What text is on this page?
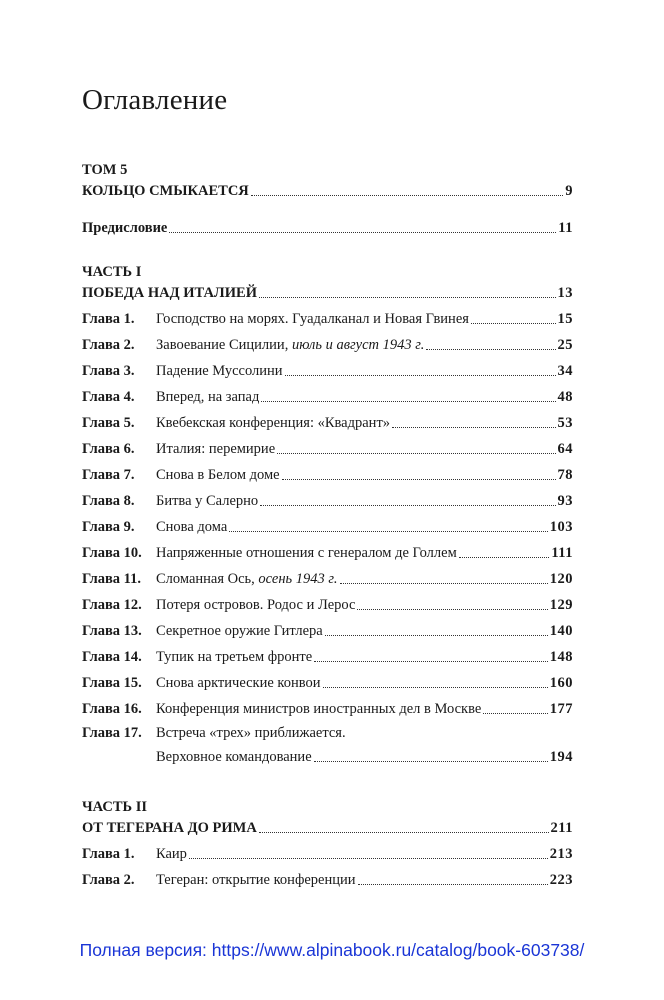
Оглавление
ТОМ 5
КОЛЬЦО СМЫКАЕТСЯ	9
Предисловие	11
ЧАСТЬ I
ПОБЕДА НАД ИТАЛИЕЙ	13
Глава 1.	Господство на морях. Гуадалканал и Новая Гвинея	15
Глава 2.	Завоевание Сицилии, июль и август 1943 г.	25
Глава 3.	Падение Муссолини	34
Глава 4.	Вперед, на запад	48
Глава 5.	Квебекская конференция: «Квадрант»	53
Глава 6.	Италия: перемирие	64
Глава 7.	Снова в Белом доме	78
Глава 8.	Битва у Салерно	93
Глава 9.	Снова дома	103
Глава 10. Напряженные отношения с генералом де Голлем	111
Глава 11.	Сломанная Ось, осень 1943 г.	120
Глава 12. Потеря островов. Родос и Лерос	129
Глава 13. Секретное оружие Гитлера	140
Глава 14. Тупик на третьем фронте	148
Глава 15. Снова арктические конвои	160
Глава 16. Конференция министров иностранных дел в Москве	177
Глава 17. Встреча «трех» приближается.
Верховное командование	194
ЧАСТЬ II
ОТ ТЕГЕРАНА ДО РИМА	211
Глава 1.	Каир	213
Глава 2.	Тегеран: открытие конференции	223
Полная версия: https://www.alpinabook.ru/catalog/book-603738/
